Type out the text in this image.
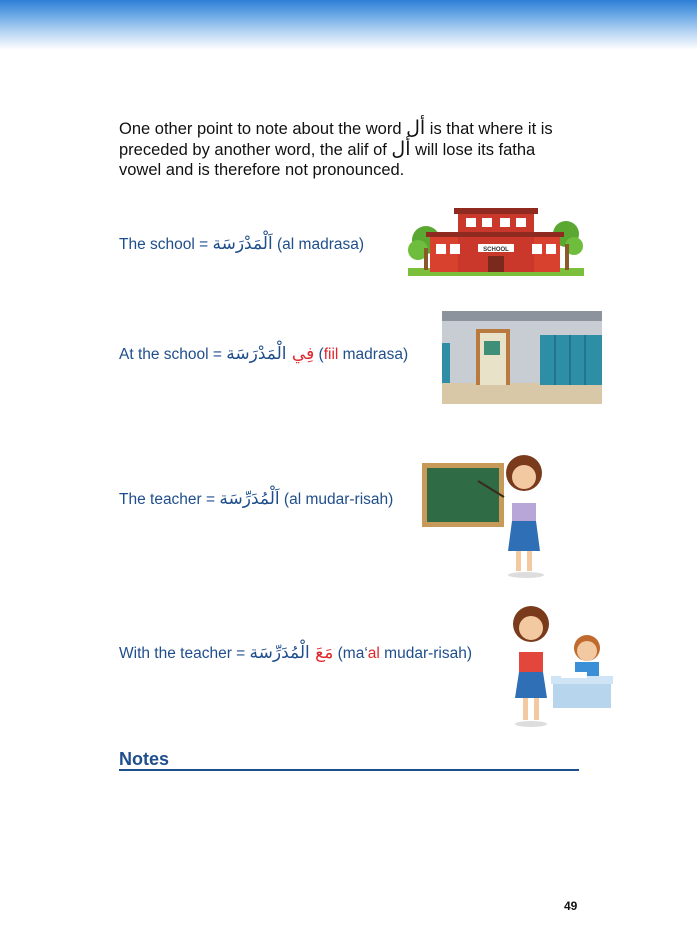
One other point to note about the word أل is that where it is preceded by another word, the alif of أل will lose its fatha vowel and is therefore not pronounced.

The school = اَلْمَدْرَسَة (al madrasa)
At the school =	فِي الْمَدْرَسَة (fiil madrasa)
The teacher = اَلْمُدَرِّسَة (al mudar-risah)
With the teacher =	مَعَ الْمُدَرِّسَة (ma‘al mudar-risah)
SCHOOL
Notes
49
